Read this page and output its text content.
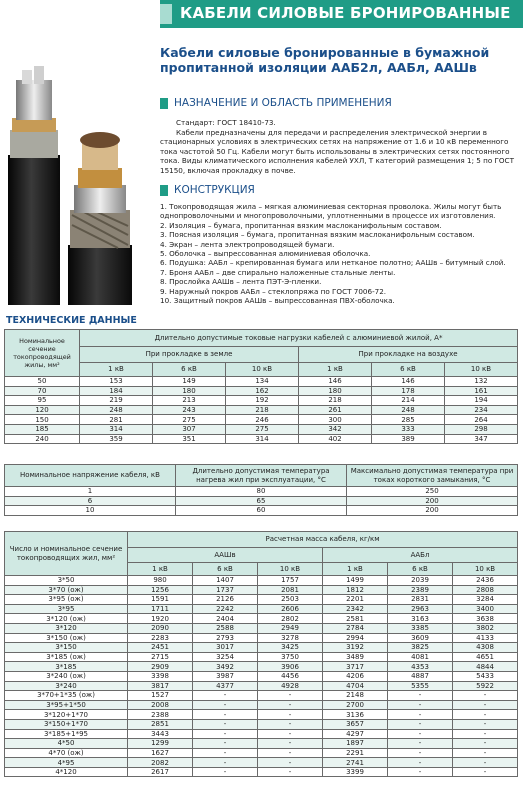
КАБЕЛИ СИЛОВЫЕ БРОНИРОВАННЫЕ
Кабели силовые бронированные в бумажной пропитанной изоляции ААБ2л, ААБл, ААШв
НАЗНАЧЕНИЕ И ОБЛАСТЬ ПРИМЕНЕНИЯ
Стандарт: ГОСТ 18410-73.
Кабели предназначены для передачи и распределения электрической энергии в стационарных условиях в электрических сетях на напряжение от 1.6 и 10 кВ переменного тока частотой 50 Гц. Кабели могут быть использованы в электрических сетях постоянного тока. Виды климатического исполнения кабелей УХЛ, Т категорий размещения 1; 5 по ГОСТ 15150, включая прокладку в почве.
КОНСТРУКЦИЯ
1. Токопроводящая жила – мягкая алюминиевая секторная проволока. Жилы могут быть однопроволочными и многопроволочными, уплотненными в процессе их изготовления.
2. Изоляция – бумага, пропитанная вязким маслоканифольным составом.
3. Поясная изоляция – бумага, пропитанная вязким маслоканифольным составом.
4. Экран – лента электропроводящей бумаги.
5. Оболочка – выпрессованная алюминиевая оболочка.
6. Подушка: ААБл – крепированная бумага или нетканое полотно; ААШв – битумный слой.
7. Броня ААБл – две спирально наложенные стальные ленты.
8. Прослойка ААШв – лента ПЭТ-Э-пленки.
9. Наружный покров ААБл – стеклопряжа по ГОСТ 7006-72.
10. Защитный покров ААШв – выпрессованная ПВХ-оболочка.
ТЕХНИЧЕСКИЕ ДАННЫЕ
Номинальное сечение токопроводящей жилы, мм²	Длительно допустимые токовые нагрузки кабелей с алюминиевой жилой, А*					
	При прокладке в земле			При прокладке на воздухе		
	1 кВ	6 кВ	10 кВ	1 кВ	6 кВ	10 кВ
50	153	149	134	146	146	132
70	184	180	162	180	178	161
95	219	213	192	218	214	194
120	248	243	218	261	248	234
150	281	275	246	300	285	264
185	314	307	275	342	333	298
240	359	351	314	402	389	347
Номинальное напряжение кабеля, кВ	Длительно допустимая температура нагрева жил при эксплуатации, °С	Максимально допустимая температура при токах короткого замыкания, °С
1	80	250
6	65	200
10	60	200
Число и номинальное сечение токопроводящих жил, мм²	Расчетная масса кабеля, кг/км					
	ААШв			ААБл		
	1 кВ	6 кВ	10 кВ	1 кВ	6 кВ	10 кВ
3*50	980	1407	1757	1499	2039	2436
3*70 (ож)	1256	1737	2081	1812	2389	2808
3*95 (ож)	1591	2126	2503	2201	2831	3284
3*95	1711	2242	2606	2342	2963	3400
3*120 (ож)	1920	2404	2802	2581	3163	3638
3*120	2090	2588	2949	2784	3385	3802
3*150 (ож)	2283	2793	3278	2994	3609	4133
3*150	2451	3017	3425	3192	3825	4308
3*185 (ож)	2715	3254	3750	3489	4081	4651
3*185	2909	3492	3906	3717	4353	4844
3*240 (ож)	3398	3987	4456	4206	4887	5433
3*240	3817	4377	4928	4704	5355	5922
3*70+1*35 (ож)	1527	-	-	2148	-	-
3*95+1*50	2008	-	-	2700	-	-
3*120+1*70	2388	-	-	3136	-	-
3*150+1*70	2851	-	-	3657	-	-
3*185+1*95	3443	-	-	4297	-	-
4*50	1299	-	-	1897	-	-
4*70 (ож)	1627	-	-	2291	-	-
4*95	2082	-	-	2741	-	-
4*120	2617	-	-	3399	-	-
